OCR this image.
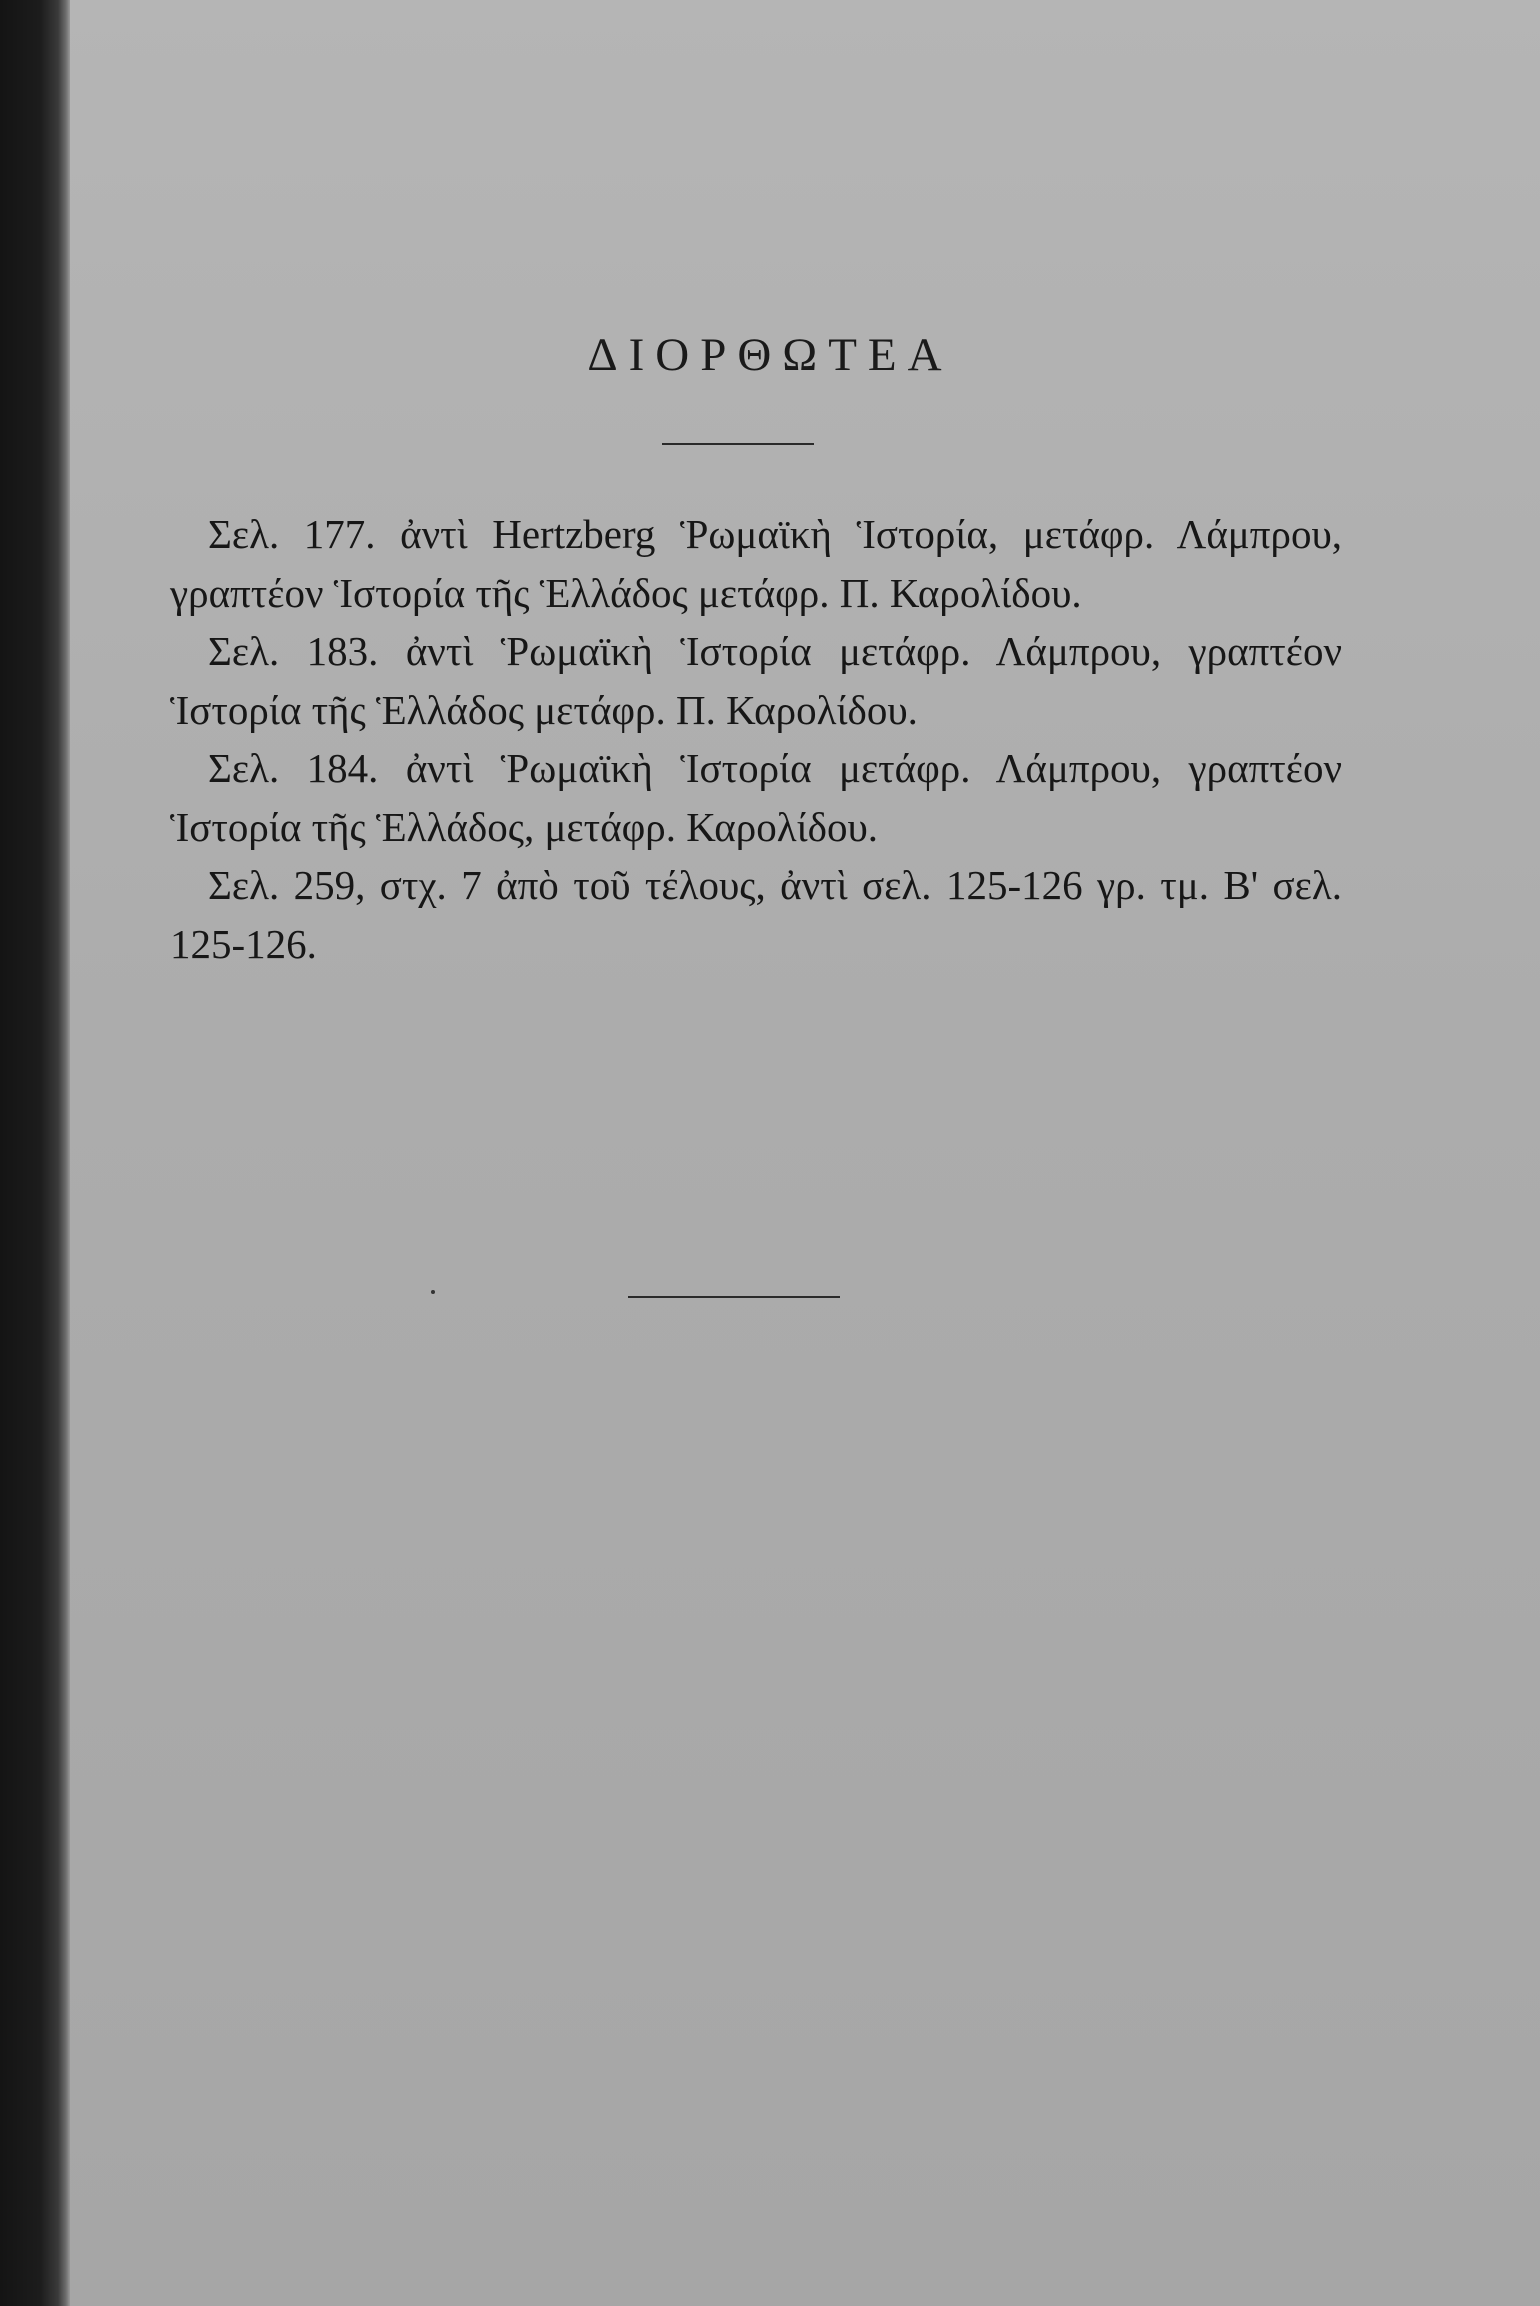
ΔΙΟΡΘΩΤΕΑ

Σελ. 177. ἀντὶ Hertzberg Ῥωμαϊκὴ Ἱστορία, μετάφρ. Λάμπρου, γραπτέον Ἱστορία τῆς Ἑλλάδος μετάφρ. Π. Καρολίδου.

Σελ. 183. ἀντὶ Ῥωμαϊκὴ Ἱστορία μετάφρ. Λάμπρου, γραπτέον Ἱστορία τῆς Ἑλλάδος μετάφρ. Π. Καρολίδου.

Σελ. 184. ἀντὶ Ῥωμαϊκὴ Ἱστορία μετάφρ. Λάμπρου, γραπτέον Ἱστορία τῆς Ἑλλάδος, μετάφρ. Καρολίδου.

Σελ. 259, στχ. 7 ἀπὸ τοῦ τέλους, ἀντὶ σελ. 125-126 γρ. τμ. Β' σελ. 125-126.
